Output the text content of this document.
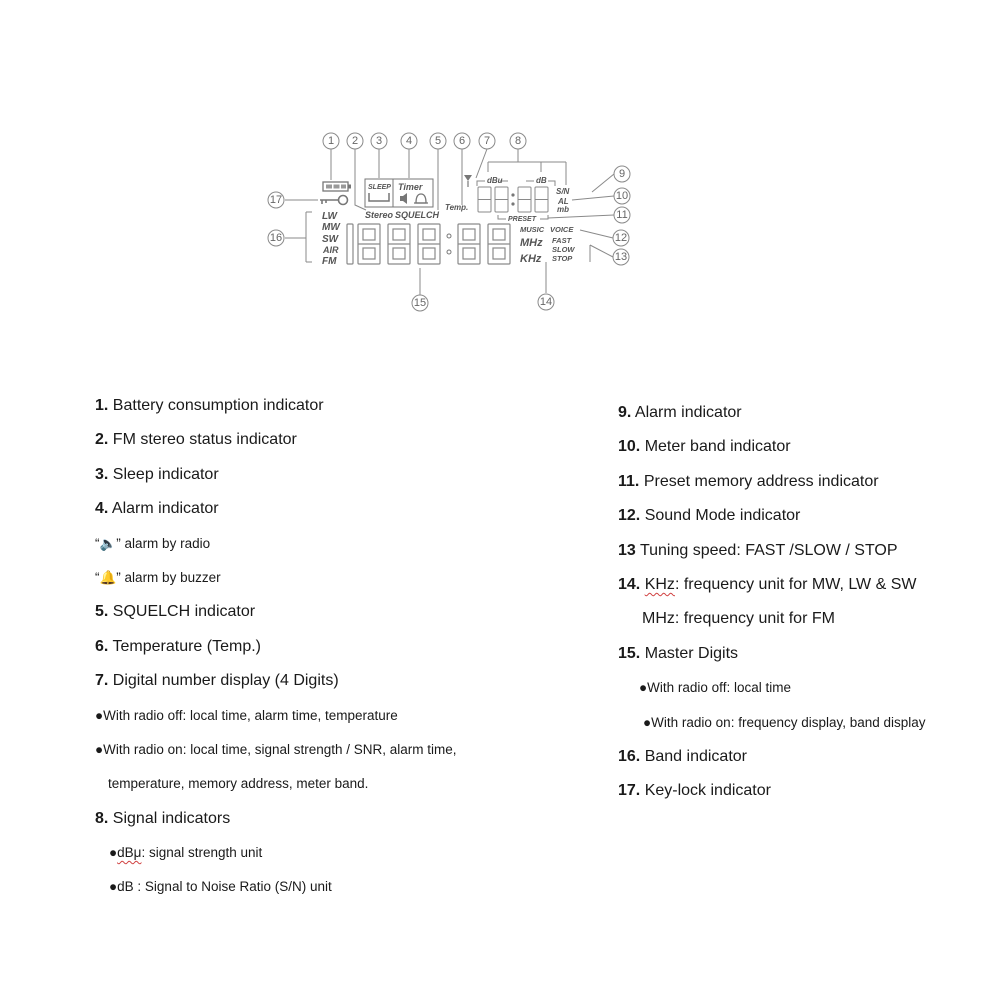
1 2 3 4 5 6 7 8
9
10
11
12
13
14
15
16
17
SLEEP Timer
Stereo SQUELCH
Temp.
dBu	dB
S/N
AL
mb
PRESET
LW
MW
SW
AIR
FM
MUSIC VOICE
MHz
KHz
FAST
SLOW
STOP
1. Battery consumption indicator
2. FM stereo status indicator
3. Sleep indicator
4. Alarm indicator
“🔈” alarm by radio
“🔔” alarm by buzzer
5. SQUELCH indicator
6. Temperature (Temp.)
7. Digital number display (4 Digits)
●With radio off: local time, alarm time, temperature
●With radio on: local time, signal strength / SNR, alarm time,
temperature, memory address, meter band.
8. Signal indicators
●dBμ: signal strength unit
●dB : Signal to Noise Ratio (S/N) unit
9. Alarm indicator
10. Meter band indicator
11. Preset memory address indicator
12. Sound Mode indicator
13 Tuning speed: FAST /SLOW / STOP
14. KHz: frequency unit for MW, LW & SW
MHz: frequency unit for FM
15. Master Digits
●With radio off: local time
●With radio on: frequency display, band display
16. Band indicator
17. Key-lock indicator
